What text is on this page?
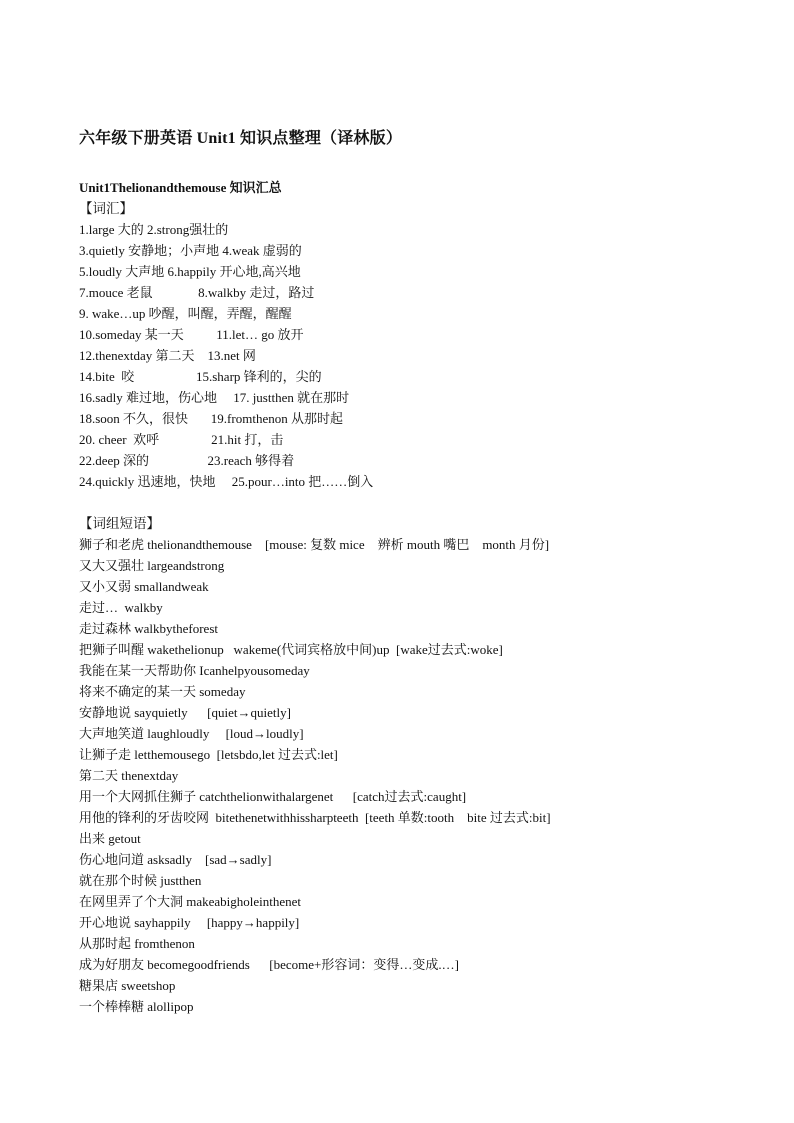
六年级下册英语 Unit1 知识点整理（译林版）
Unit1Thelionandthemouse 知识汇总
【词汇】
1.large 大的 2.strong强壮的
3.quietly 安静地；小声地 4.weak 虚弱的
5.loudly 大声地 6.happily 开心地,高兴地
7.mouce 老鼠              8.walkby 走过，路过
9. wake…up 吵醒，叫醒，弄醒，醒醒
10.someday 某一天          11.let… go 放开
12.thenextday 第二天    13.net 网
14.bite  咬                   15.sharp 锋利的，尖的
16.sadly 难过地，伤心地     17. justthen 就在那时
18.soon 不久，很快       19.fromthenon 从那时起
20. cheer  欢呼                21.hit 打，击
22.deep 深的                  23.reach 够得着
24.quickly 迅速地，快地     25.pour…into 把……倒入
【词组短语】
狮子和老虎 thelionandthemouse    [mouse: 复数 mice    辨析 mouth 嘴巴    month 月份]
又大又强壮 largeandstrong
又小又弱 smallandweak
走过…  walkby
走过森林 walkbytheforest
把狮子叫醒 wakethelionup   wakeme(代词宾格放中间)up  [wake过去式:woke]
我能在某一天帮助你 Icanhelpyousomeday
将来不确定的某一天 someday
安静地说 sayquietly      [quiet→quietly]
大声地笑道 laughloudly     [loud→loudly]
让狮子走 letthemousego  [letsbdo,let 过去式:let]
第二天 thenextday
用一个大网抓住狮子 catchthelionwithalargenet      [catch过去式:caught]
用他的锋利的牙齿咬网  bitethenetwithhissharpteeth  [teeth 单数:tooth    bite 过去式:bit]
出来 getout
伤心地问道 asksadly    [sad→sadly]
就在那个时候 justthen
在网里弄了个大洞 makeabigholeinthenet
开心地说 sayhappily     [happy→happily]
从那时起 fromthenon
成为好朋友 becomegoodfriends      [become+形容词：变得…变成.…]
糖果店 sweetshop
一个棒棒糖 alollipop
